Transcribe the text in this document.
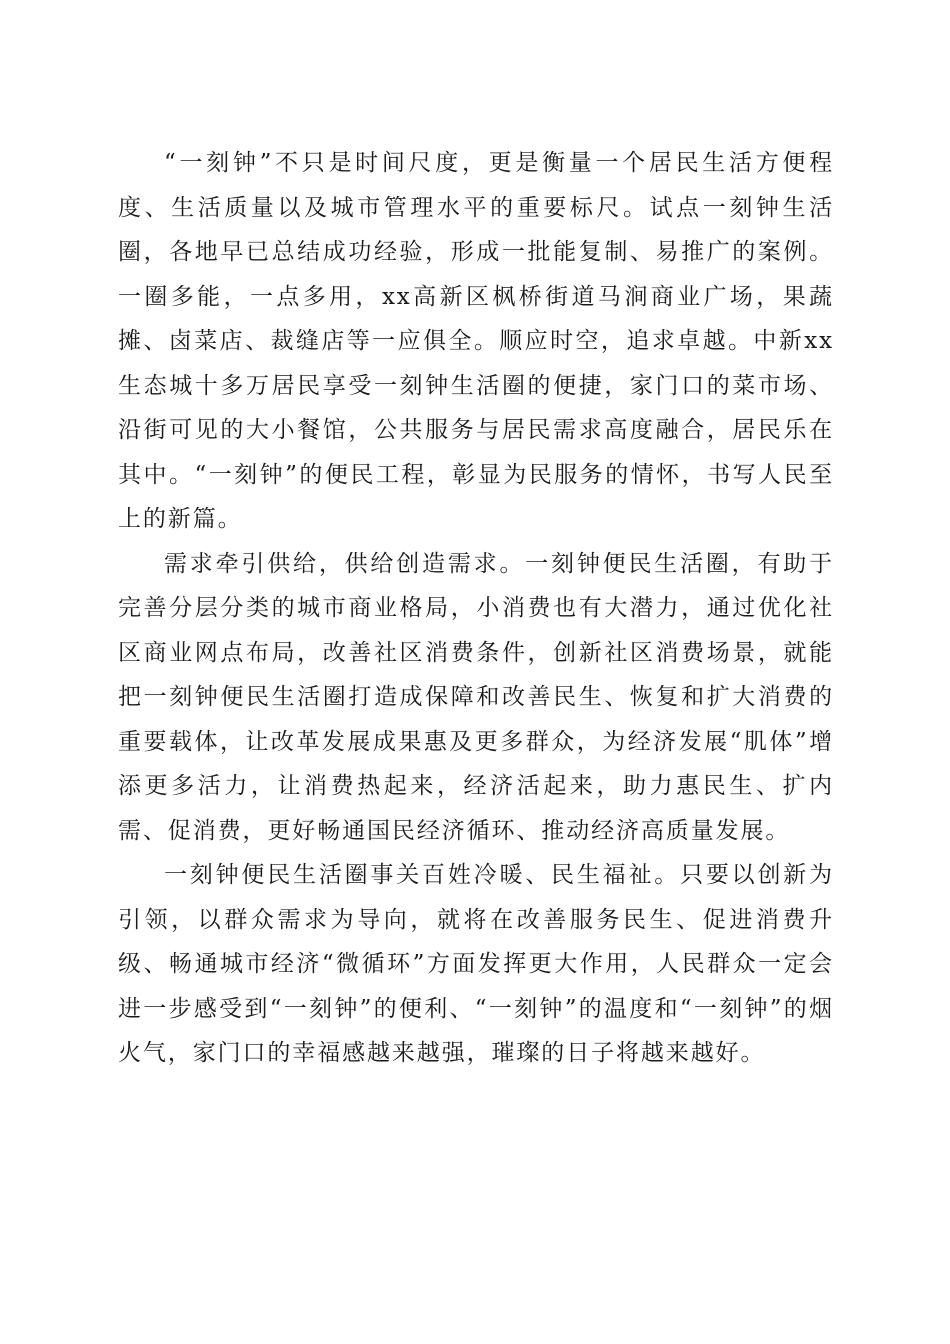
“一刻钟”不只是时间尺度，更是衡量一个居民生活方便程度、生活质量以及城市管理水平的重要标尺。试点一刻钟生活圈，各地早已总结成功经验，形成一批能复制、易推广的案例。一圈多能，一点多用，xx高新区枫桥街道马涧商业广场，果蔬摊、卤菜店、裁缝店等一应俱全。顺应时空，追求卓越。中新xx生态城十多万居民享受一刻钟生活圈的便捷，家门口的菜市场、沿街可见的大小餐馆，公共服务与居民需求高度融合，居民乐在其中。“一刻钟”的便民工程，彰显为民服务的情怀，书写人民至上的新篇。

需求牵引供给，供给创造需求。一刻钟便民生活圈，有助于完善分层分类的城市商业格局，小消费也有大潜力，通过优化社区商业网点布局，改善社区消费条件，创新社区消费场景，就能把一刻钟便民生活圈打造成保障和改善民生、恢复和扩大消费的重要载体，让改革发展成果惠及更多群众，为经济发展“肌体”增添更多活力，让消费热起来，经济活起来，助力惠民生、扩内需、促消费，更好畅通国民经济循环、推动经济高质量发展。

一刻钟便民生活圈事关百姓冷暖、民生福祉。只要以创新为引领，以群众需求为导向，就将在改善服务民生、促进消费升级、畅通城市经济“微循环”方面发挥更大作用，人民群众一定会进一步感受到“一刻钟”的便利、“一刻钟”的温度和“一刻钟”的烟火气，家门口的幸福感越来越强，璀璨的日子将越来越好。
